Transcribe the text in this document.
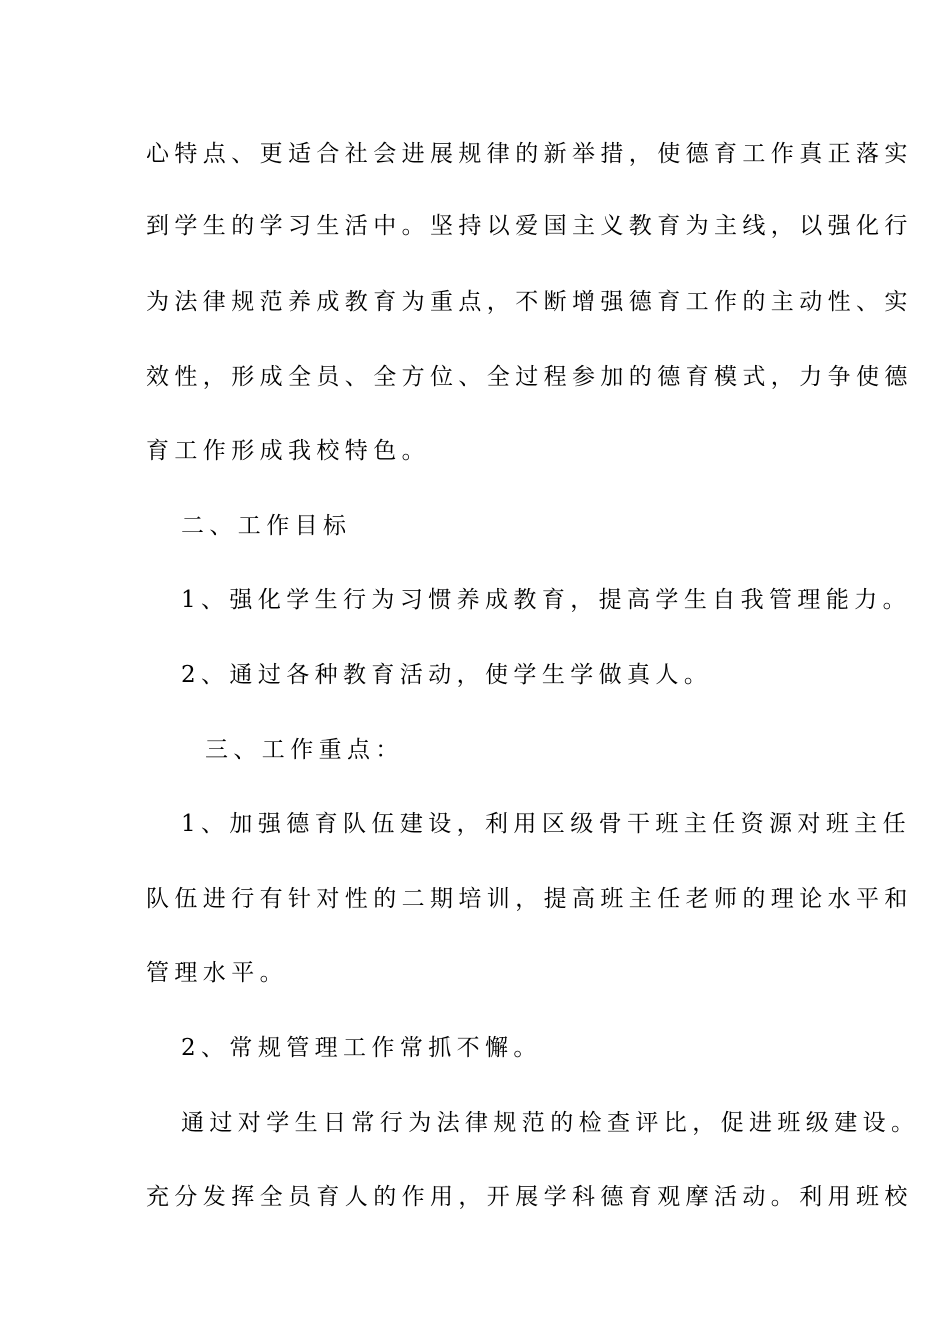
心特点、更适合社会进展规律的新举措，使德育工作真正落实
到学生的学习生活中。坚持以爱国主义教育为主线，以强化行
为法律规范养成教育为重点，不断增强德育工作的主动性、实
效性，形成全员、全方位、全过程参加的德育模式，力争使德
育工作形成我校特色。
二、工作目标
1、强化学生行为习惯养成教育，提高学生自我管理能力。
2、通过各种教育活动，使学生学做真人。
三、工作重点：
1、加强德育队伍建设，利用区级骨干班主任资源对班主任
队伍进行有针对性的二期培训，提高班主任老师的理论水平和
管理水平。
2、常规管理工作常抓不懈。
通过对学生日常行为法律规范的检查评比，促进班级建设。
充分发挥全员育人的作用，开展学科德育观摩活动。利用班校
